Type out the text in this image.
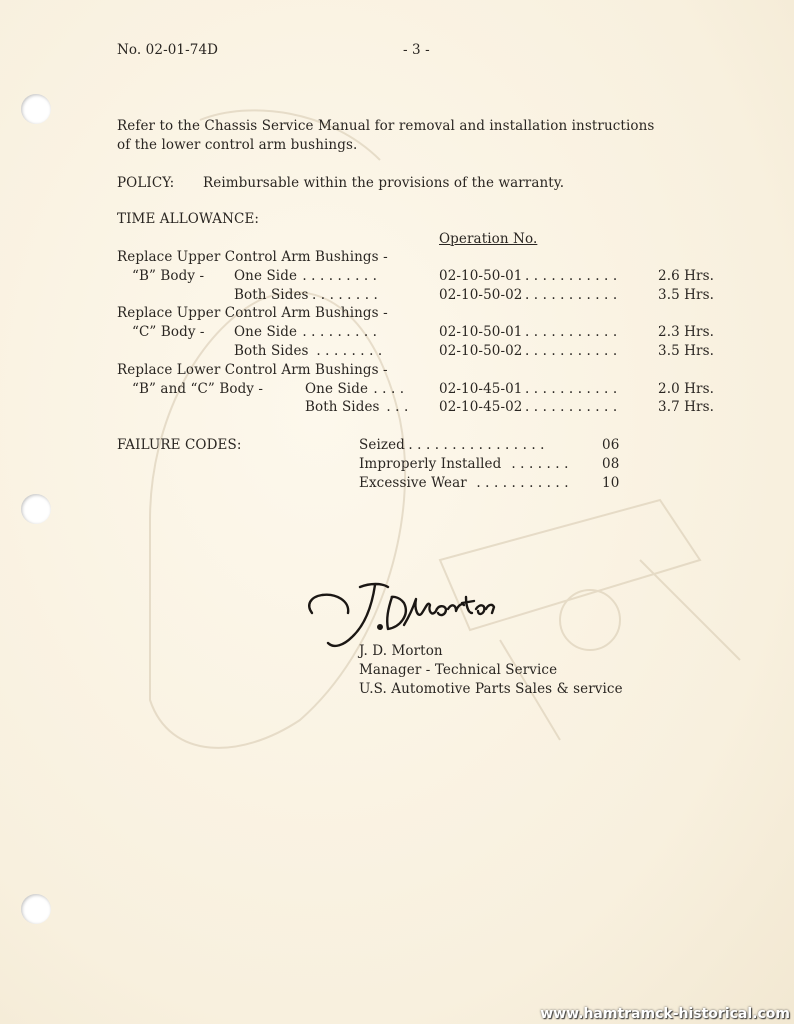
No. 02-01-74D	- 3 -
Refer to the Chassis Service Manual for removal and installation instructions
of the lower control arm bushings.
POLICY: Reimbursable within the provisions of the warranty.
TIME ALLOWANCE:
Operation No.
Replace Upper Control Arm Bushings -
“B” Body - One Side . . . . . . . . .	02-10-50-01 . . . . . . . . . . .	2.6 Hrs.
Both Sides . . . . . . . .	02-10-50-02 . . . . . . . . . . .	3.5 Hrs.
Replace Upper Control Arm Bushings -
“C” Body - One Side . . . . . . . . .	02-10-50-01 . . . . . . . . . . .	2.3 Hrs.
Both Sides . . . . . . . .	02-10-50-02 . . . . . . . . . . .	3.5 Hrs.
Replace Lower Control Arm Bushings -
“B” and “C” Body -	One Side . . . .	02-10-45-01 . . . . . . . . . . .	2.0 Hrs.
Both Sides . . . 02-10-45-02 . . . . . . . . . . .	3.7 Hrs.
FAILURE CODES:	Seized . . . . . . . . . . . . . . . .	06
Improperly Installed . . . . . . . 08
Excessive Wear . . . . . . . . . . . 10
J. D. Morton
Manager - Technical Service
U.S. Automotive Parts Sales & service
www.hamtramck-historical.com
